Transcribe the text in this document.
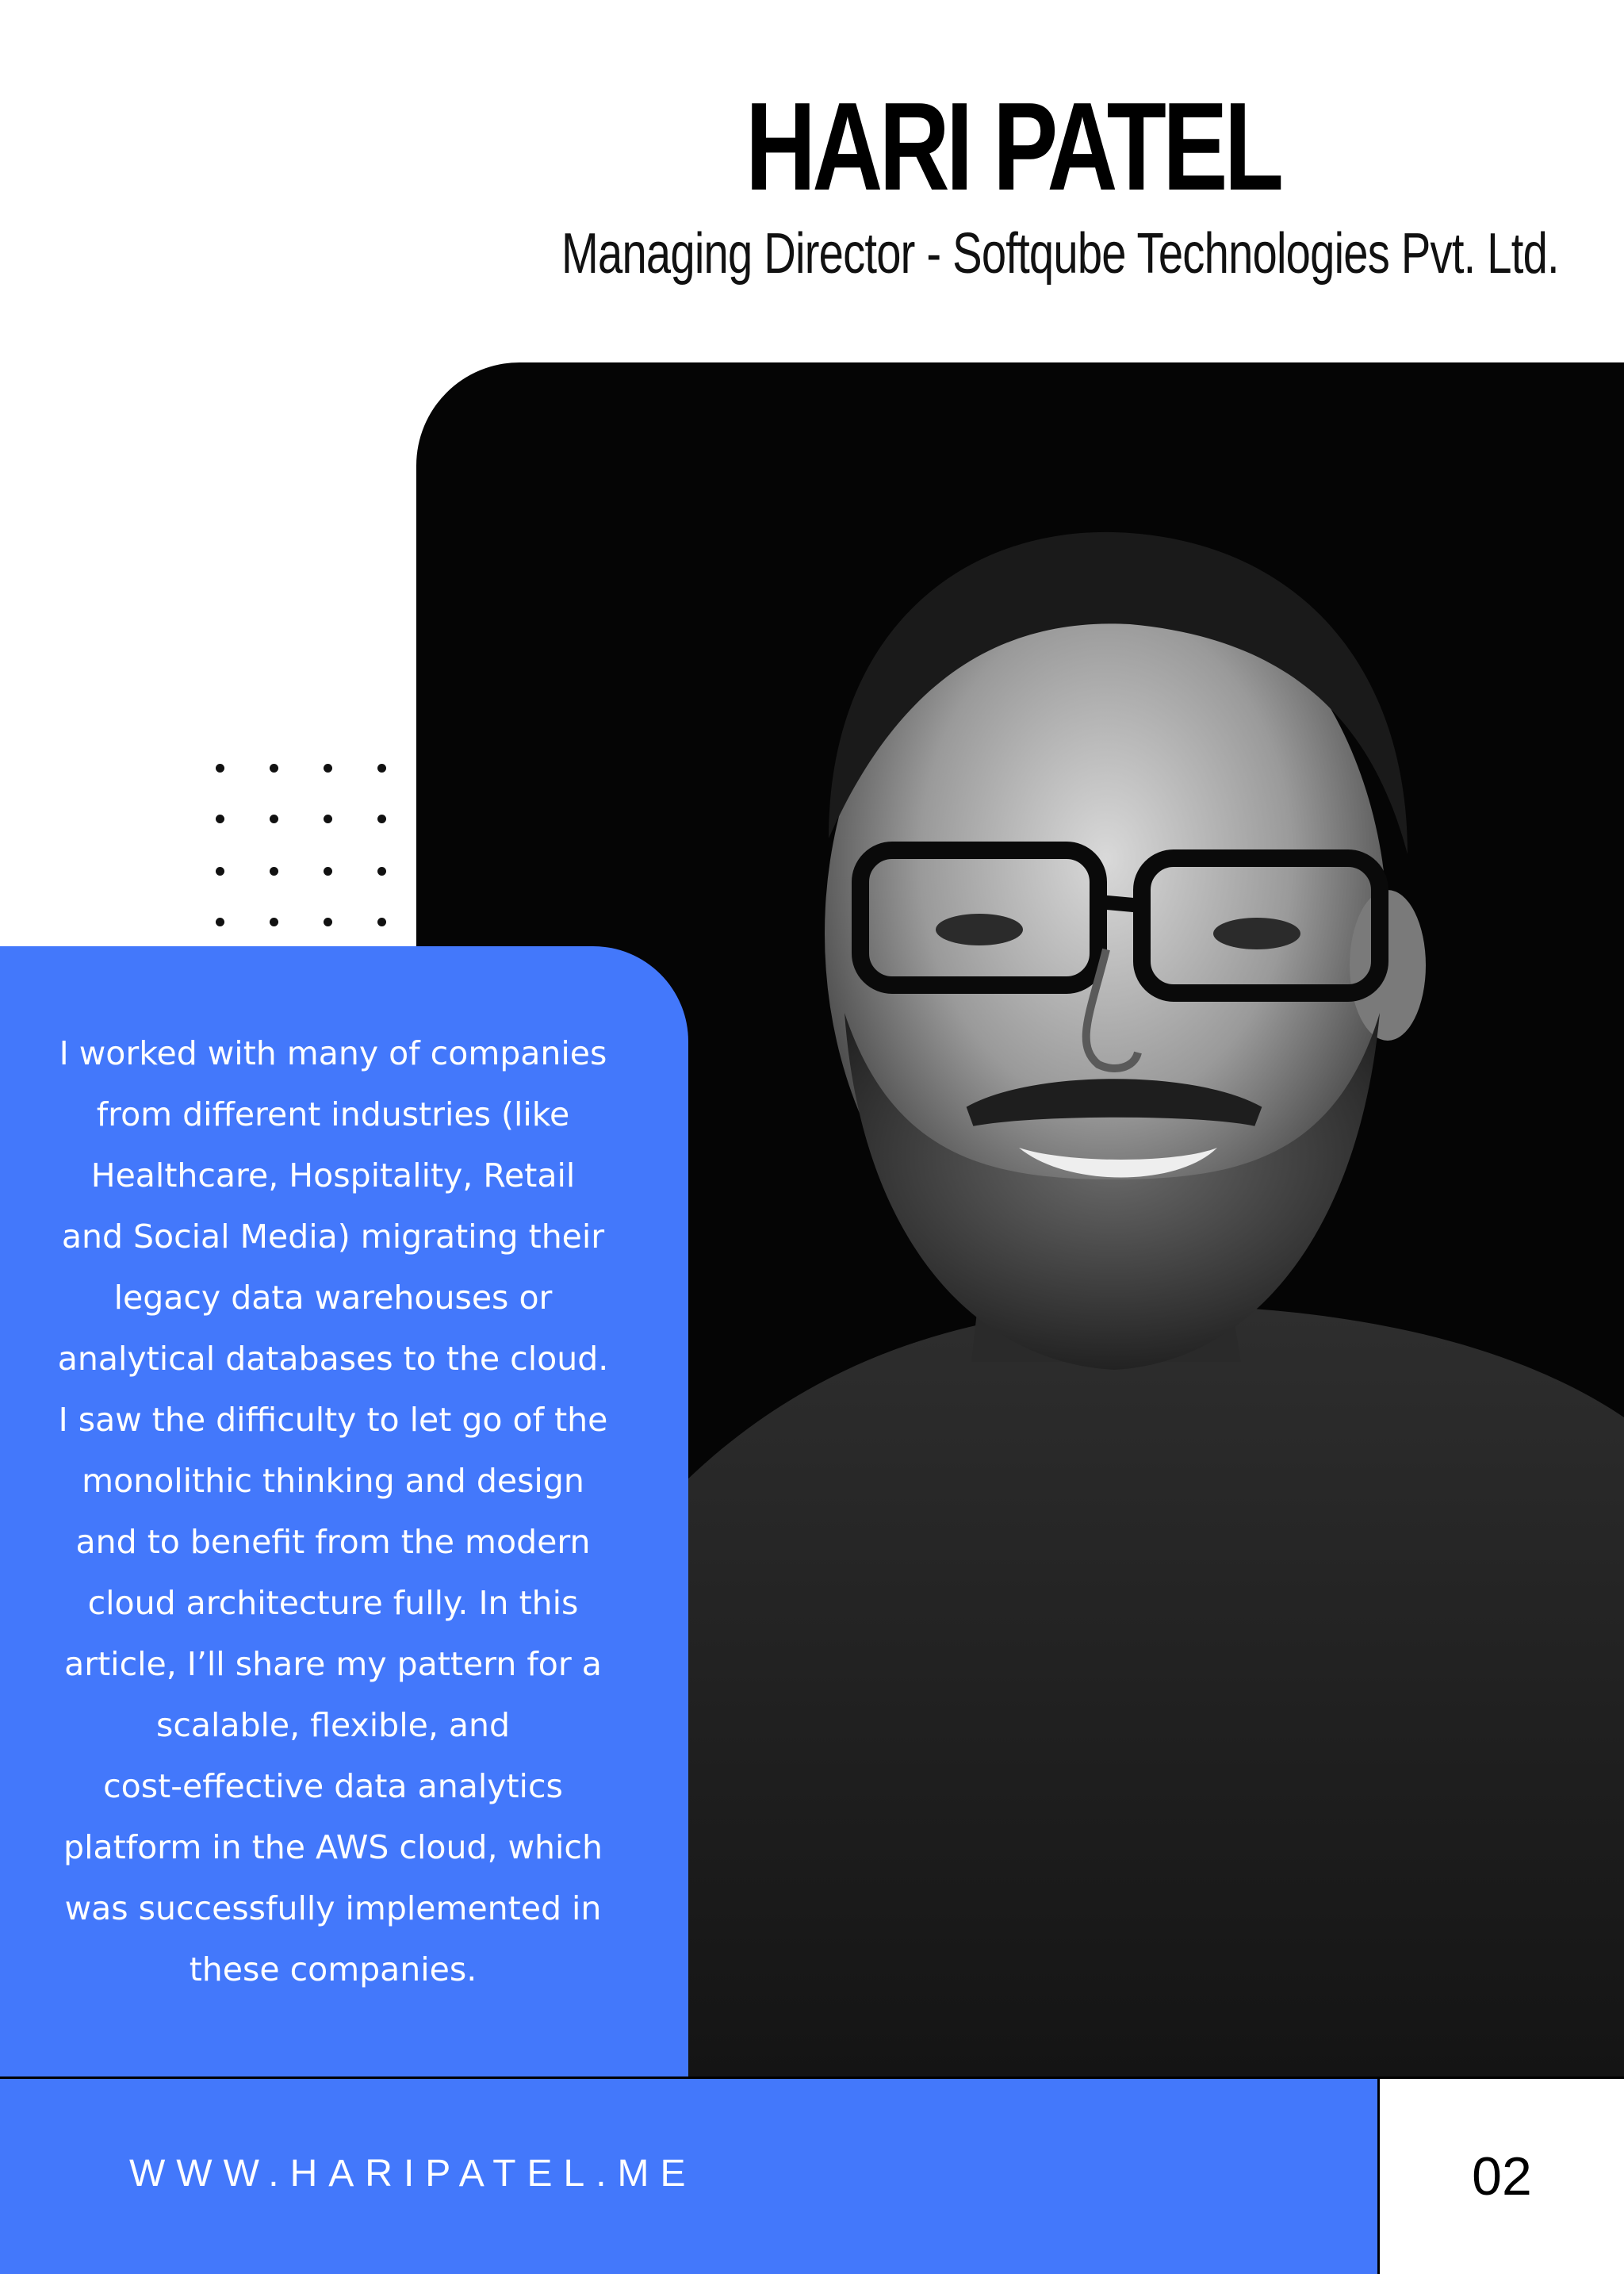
HARI PATEL

Managing Director - Softqube Technologies Pvt. Ltd.

I worked with many of companies
from different industries (like
Healthcare, Hospitality, Retail
and Social Media) migrating their
legacy data warehouses or
analytical databases to the cloud.
I saw the difficulty to let go of the
monolithic thinking and design
and to benefit from the modern
cloud architecture fully. In this
article, I’ll share my pattern for a
scalable, flexible, and
cost-effective data analytics
platform in the AWS cloud, which
was successfully implemented in
these companies.

WWW.HARIPATEL.ME	02
